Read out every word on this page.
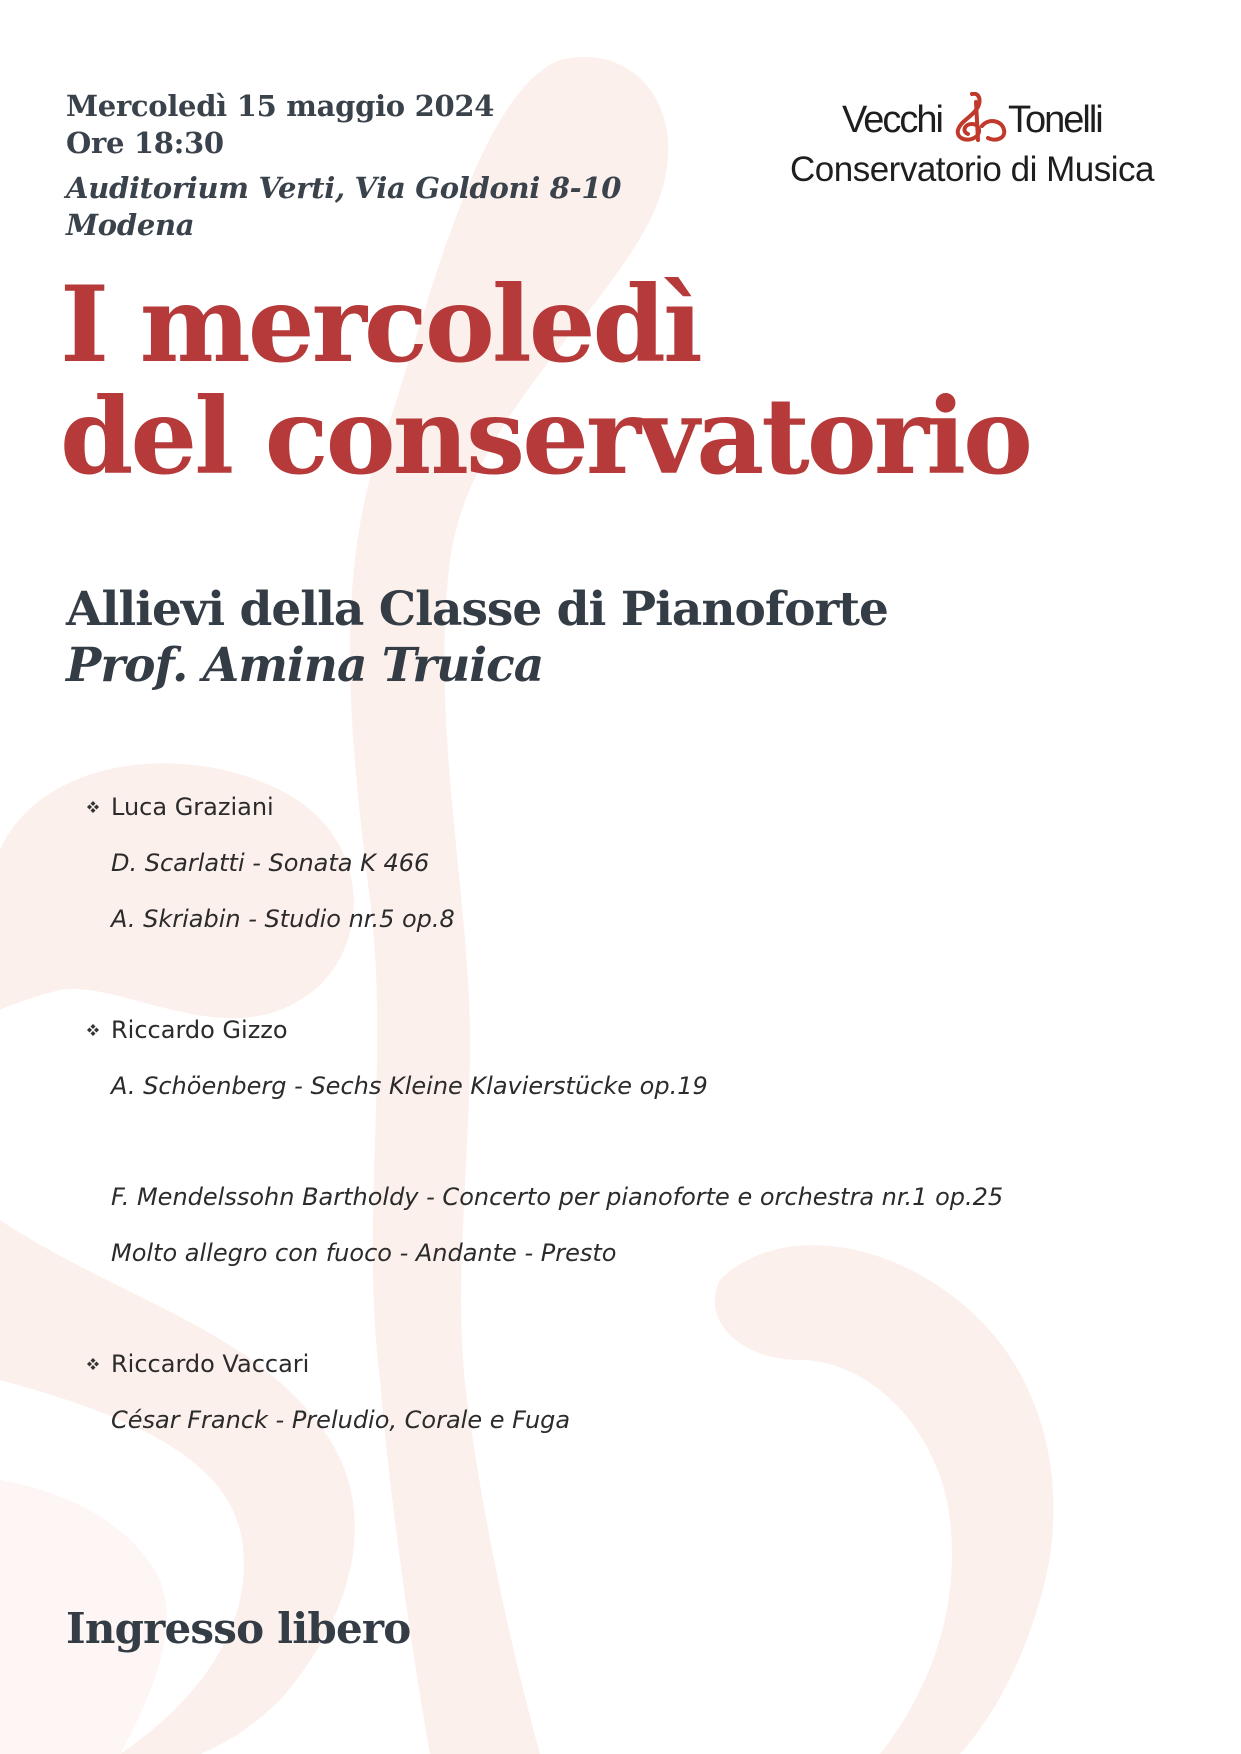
Mercoledì 15 maggio 2024
Ore 18:30
Auditorium Verti, Via Goldoni 8-10
Modena
Vecchi Tonelli
Conservatorio di Musica
I mercoledì
del conservatorio
Allievi della Classe di Pianoforte
Prof. Amina Truica
Luca Graziani
D. Scarlatti - Sonata K 466
A. Skriabin - Studio nr.5 op.8
Riccardo Gizzo
A. Schöenberg - Sechs Kleine Klavierstücke op.19
F. Mendelssohn Bartholdy - Concerto per pianoforte e orchestra nr.1 op.25
Molto allegro con fuoco - Andante - Presto
Riccardo Vaccari
César Franck - Preludio, Corale e Fuga
Ingresso libero
